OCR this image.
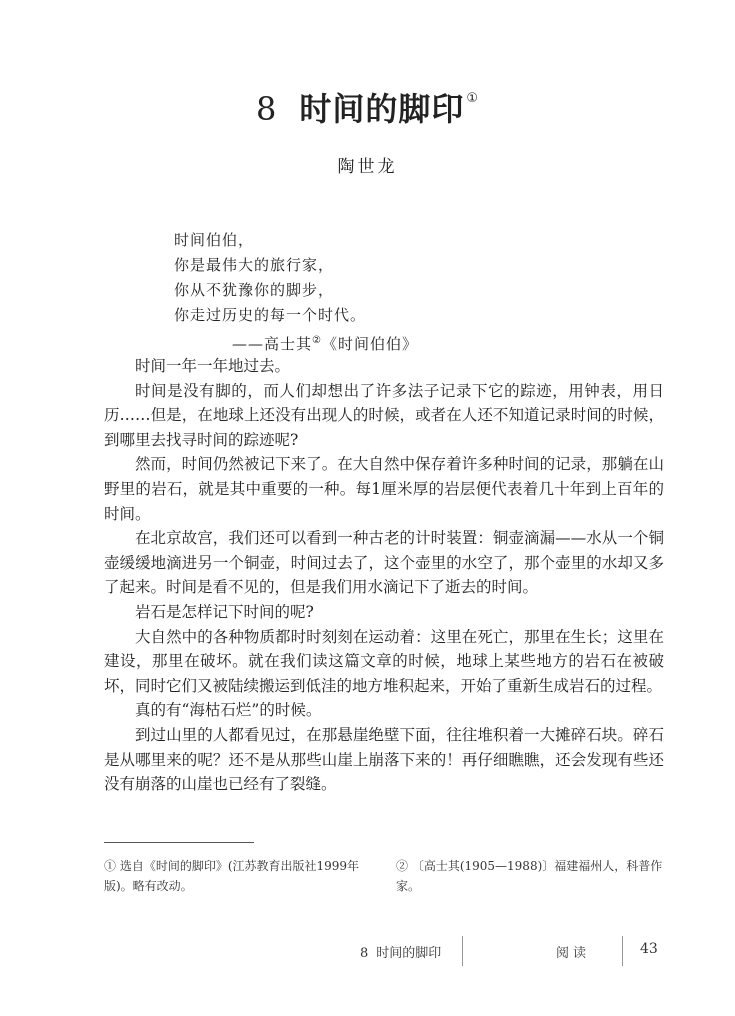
8 时间的脚印 ①
陶世龙
时间伯伯，
你是最伟大的旅行家，
你从不犹豫你的脚步，
你走过历史的每一个时代。
——高士其②《时间伯伯》

时间一年一年地过去。

时间是没有脚的，而人们却想出了许多法子记录下它的踪迹，用钟表，用日历……但是，在地球上还没有出现人的时候，或者在人还不知道记录时间的时候，到哪里去找寻时间的踪迹呢?

然而，时间仍然被记下来了。在大自然中保存着许多种时间的记录，那躺在山野里的岩石，就是其中重要的一种。每1厘米厚的岩层便代表着几十年到上百年的时间。

在北京故宫，我们还可以看到一种古老的计时装置：铜壶滴漏——水从一个铜壶缓缓地滴进另一个铜壶，时间过去了，这个壶里的水空了，那个壶里的水却又多了起来。时间是看不见的，但是我们用水滴记下了逝去的时间。

岩石是怎样记下时间的呢?

大自然中的各种物质都时时刻刻在运动着：这里在死亡，那里在生长；这里在建设，那里在破坏。就在我们读这篇文章的时候，地球上某些地方的岩石在被破坏，同时它们又被陆续搬运到低洼的地方堆积起来，开始了重新生成岩石的过程。

真的有“海枯石烂”的时候。

到过山里的人都看见过，在那悬崖绝壁下面，往往堆积着一大摊碎石块。碎石是从哪里来的呢？还不是从那些山崖上崩落下来的！再仔细瞧瞧，还会发现有些还没有崩落的山崖也已经有了裂缝。

① 选自《时间的脚印》(江苏教育出版社1999年版)。略有改动。
② 〔高士其(1905—1988)〕福建福州人，科普作家。
8 时间的脚印	阅读	43
